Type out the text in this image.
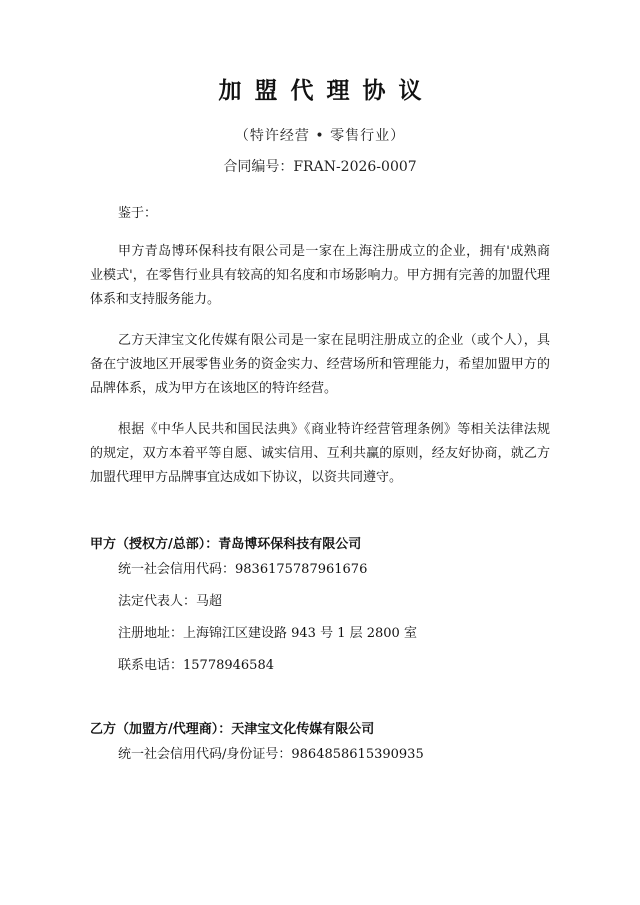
加盟代理协议
（特许经营 • 零售行业）
合同编号：FRAN-2026-0007
鉴于：

甲方青岛博环保科技有限公司是一家在上海注册成立的企业，拥有'成熟商业模式'，在零售行业具有较高的知名度和市场影响力。甲方拥有完善的加盟代理体系和支持服务能力。

乙方天津宝文化传媒有限公司是一家在昆明注册成立的企业（或个人），具备在宁波地区开展零售业务的资金实力、经营场所和管理能力，希望加盟甲方的品牌体系，成为甲方在该地区的特许经营。

根据《中华人民共和国民法典》《商业特许经营管理条例》等相关法律法规的规定，双方本着平等自愿、诚实信用、互利共赢的原则，经友好协商，就乙方加盟代理甲方品牌事宜达成如下协议，以资共同遵守。

甲方（授权方/总部）：青岛博环保科技有限公司
统一社会信用代码：9836175787961676
法定代表人：马超
注册地址：上海锦江区建设路 943 号 1 层 2800 室
联系电话：15778946584
乙方（加盟方/代理商）：天津宝文化传媒有限公司
统一社会信用代码/身份证号：9864858615390935
